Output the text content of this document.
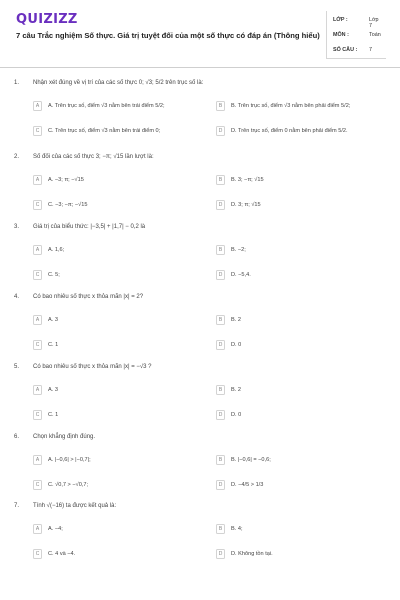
QUIZIZZ
7 câu Trắc nghiệm Số thực. Giá trị tuyệt đối của một số thực có đáp án (Thông hiểu)
LỚP :	Lớp 7
MÔN :	Toán
SỐ CÂU : 7
1. Nhận xét đúng về vị trí của các số thực 0; √3; 5/2 trên trục số là:
A	A. Trên trục số, điểm √3 nằm bên trái điểm 5/2;	B	B. Trên trục số, điểm √3 nằm bên phải điểm 5/2;
C	C. Trên trục số, điểm √3 nằm bên trái điểm 0;	D	D. Trên trục số, điểm 0 nằm bên phải điểm 5/2.
2. Số đối của các số thực 3; −π; √15 lần lượt là:
A	A. −3; π; −√15	B	B. 3; −π; √15
C	C. −3; −π; −√15	D	D. 3; π; √15
3. Giá trị của biểu thức: |−3,5| + |1,7| − 0,2 là
A	A. 1,6;	B	B. −2;
C	C. 5;	D	D. −5,4.
4. Có bao nhiêu số thực x thỏa mãn |x| = 2?
A	A. 3	B	B. 2
C	C. 1	D	D. 0
5. Có bao nhiêu số thực x thỏa mãn |x| = −√3 ?
A	A. 3	B	B. 2
C	C. 1	D	D. 0
6. Chọn khẳng định đúng.
A	A. |−0,6| > |−0,7|;	B	B. |−0,6| = −0,6;
C	C. √0,7 > −√0,7;	D	D. −4/5 > 1/3
7. Tính √(−16) ta được kết quả là:
A	A. −4;	B	B. 4;
C	C. 4 và −4.	D	D. Không tồn tại.
